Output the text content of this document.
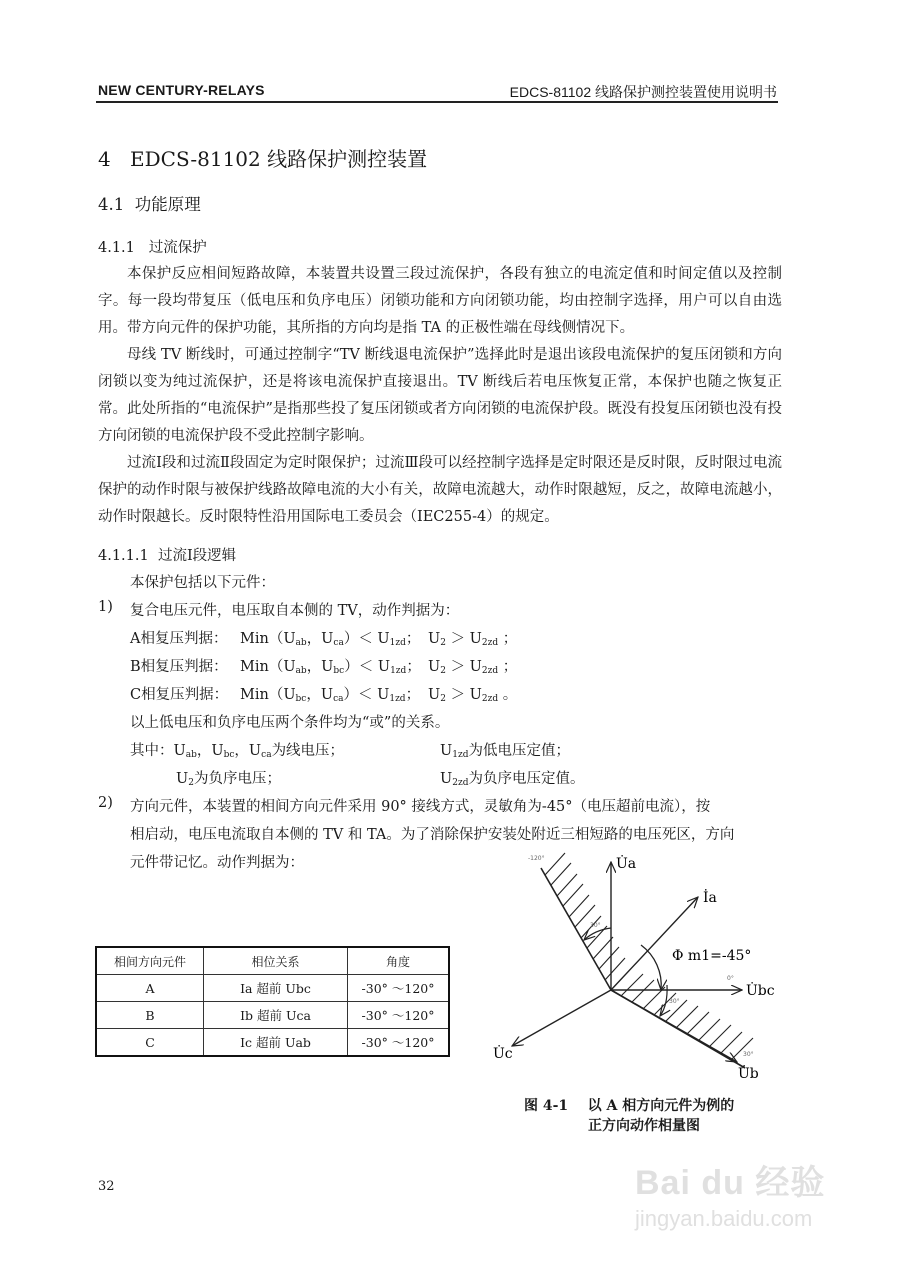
NEW CENTURY-RELAYS	EDCS-81102 线路保护测控装置使用说明书
4 EDCS-81102 线路保护测控装置
4.1 功能原理
4.1.1 过流保护

本保护反应相间短路故障，本装置共设置三段过流保护，各段有独立的电流定值和时间定值以及控制字。每一段均带复压（低电压和负序电压）闭锁功能和方向闭锁功能，均由控制字选择，用户可以自由选用。带方向元件的保护功能，其所指的方向均是指 TA 的正极性端在母线侧情况下。

母线 TV 断线时，可通过控制字“TV 断线退电流保护”选择此时是退出该段电流保护的复压闭锁和方向闭锁以变为纯过流保护，还是将该电流保护直接退出。TV 断线后若电压恢复正常，本保护也随之恢复正常。此处所指的“电流保护”是指那些投了复压闭锁或者方向闭锁的电流保护段。既没有投复压闭锁也没有投方向闭锁的电流保护段不受此控制字影响。

过流Ⅰ段和过流Ⅱ段固定为定时限保护；过流Ⅲ段可以经控制字选择是定时限还是反时限，反时限过电流保护的动作时限与被保护线路故障电流的大小有关，故障电流越大，动作时限越短，反之，故障电流越小，动作时限越长。反时限特性沿用国际电工委员会（IEC255-4）的规定。

4.1.1.1 过流Ⅰ段逻辑
本保护包括以下元件：
1) 复合电压元件，电压取自本侧的 TV，动作判据为：
A相复压判据： $Min(U_{ab}$，$U_{ca})< U_{1zd}$； $U_2 > U_{2zd}$ ；
B相复压判据： $Min(U_{ab}$，$U_{bc})< U_{1zd}$； $U_2 > U_{2zd}$ ；
C相复压判据： $Min(U_{bc}$，$U_{ca})< U_{1zd}$； $U_2 > U_{2zd}$ 。
以上低电压和负序电压两个条件均为“或”的关系。
其中：$U_{ab}$，$U_{bc}$，$U_{ca}$为线电压；	$U_{1zd}$为低电压定值；
$U_2$为负序电压；	$U_{2zd}$为负序电压定值。
2) 方向元件，本装置的相间方向元件采用 90° 接线方式，灵敏角为-45°（电压超前电流），按
相启动，电压电流取自本侧的 TV 和 TA。为了消除保护安装处附近三相短路的电压死区，方向
元件带记忆。动作判据为：
相间方向元件	相位关系	角度
A	Ia 超前 Ubc	-30° ～120°
B	Ib 超前 Uca	-30° ～120°
C	Ic 超前 Uab	-30° ～120°
U̇a
İa
U̇bc
U̇b
U̇c
Φ m1=-45°
-120°
0°
30°
30°
30°
图 4-1    以 A 相方向元件为例的
正方向动作相量图
32	Bai du 经验
jingyan.baidu.com
